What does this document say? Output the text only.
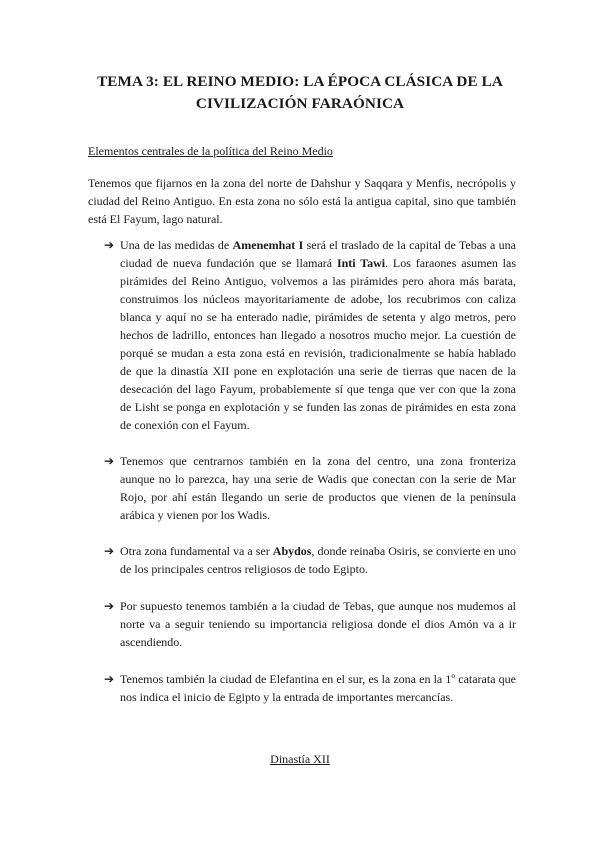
TEMA 3: EL REINO MEDIO: LA ÉPOCA CLÁSICA DE LA
CIVILIZACIÓN FARAÓNICA
Elementos centrales de la política del Reino Medio
Tenemos que fijarnos en la zona del norte de Dahshur y Saqqara y Menfis, necrópolis y ciudad del Reino Antiguo. En esta zona no sólo está la antigua capital, sino que también está El Fayum, lago natural.
➔ Una de las medidas de Amenemhat I será el traslado de la capital de Tebas a una ciudad de nueva fundación que se llamará Inti Tawi. Los faraones asumen las pirámides del Reino Antiguo, volvemos a las pirámides pero ahora más barata, construimos los núcleos mayoritariamente de adobe, los recubrimos con caliza blanca y aquí no se ha enterado nadie, pirámides de setenta y algo metros, pero hechos de ladrillo, entonces han llegado a nosotros mucho mejor. La cuestión de porqué se mudan a esta zona está en revisión, tradicionalmente se había hablado de que la dinastía XII pone en explotación una serie de tierras que nacen de la desecación del lago Fayum, probablemente sí que tenga que ver con que la zona de Lisht se ponga en explotación y se funden las zonas de pirámides en esta zona de conexión con el Fayum.
➔ Tenemos que centrarnos también en la zona del centro, una zona fronteriza aunque no lo parezca, hay una serie de Wadis que conectan con la serie de Mar Rojo, por ahí están llegando un serie de productos que vienen de la península arábica y vienen por los Wadis.
➔ Otra zona fundamental va a ser Abydos, donde reinaba Osiris, se convierte en uno de los principales centros religiosos de todo Egipto.
➔ Por supuesto tenemos también a la ciudad de Tebas, que aunque nos mudemos al norte va a seguir teniendo su importancia religiosa donde el dios Amón va a ir ascendiendo.
➔ Tenemos también la ciudad de Elefantina en el sur, es la zona en la 1º catarata que nos indica el inicio de Egipto y la entrada de importantes mercancías.
Dinastía XII
